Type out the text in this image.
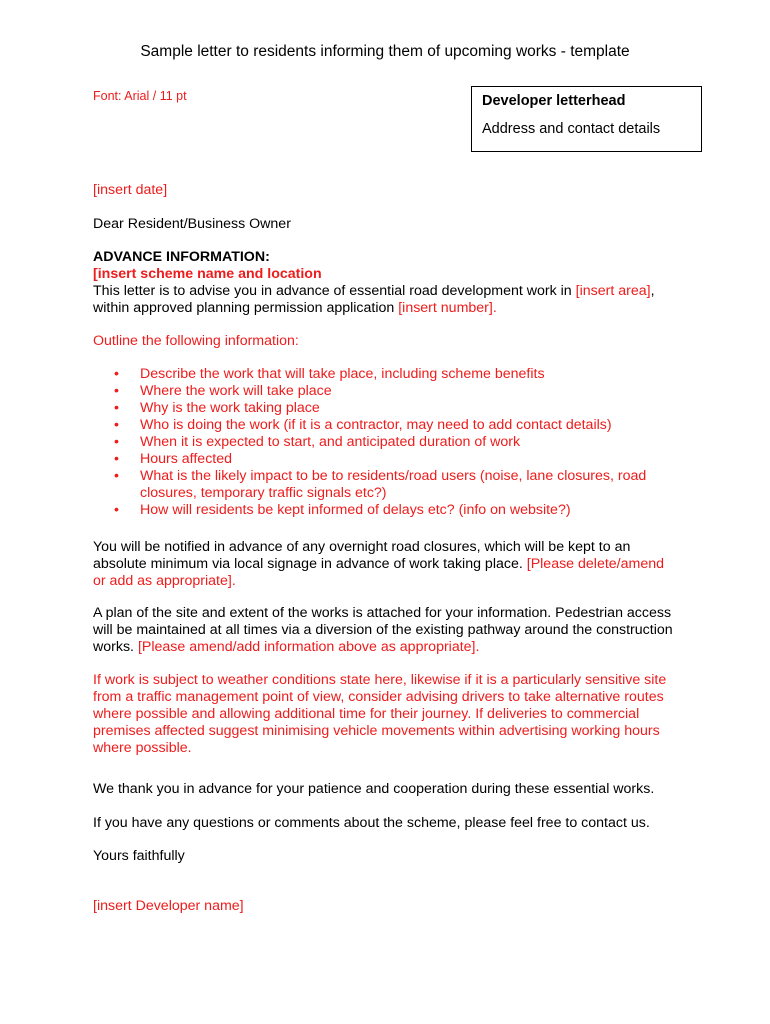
Sample letter to residents informing them of upcoming works - template
Font: Arial / 11 pt	Developer letterhead
Address and contact details

[insert date]

Dear Resident/Business Owner

ADVANCE INFORMATION:
[insert scheme name and location
This letter is to advise you in advance of essential road development work in [insert area], within approved planning permission application [insert number].

Outline the following information:

• Describe the work that will take place, including scheme benefits
• Where the work will take place
• Why is the work taking place
• Who is doing the work (if it is a contractor, may need to add contact details)
• When it is expected to start, and anticipated duration of work
• Hours affected
• What is the likely impact to be to residents/road users (noise, lane closures, road closures, temporary traffic signals etc?)
• How will residents be kept informed of delays etc? (info on website?)

You will be notified in advance of any overnight road closures, which will be kept to an absolute minimum via local signage in advance of work taking place. [Please delete/amend or add as appropriate].

A plan of the site and extent of the works is attached for your information. Pedestrian access will be maintained at all times via a diversion of the existing pathway around the construction works. [Please amend/add information above as appropriate].

If work is subject to weather conditions state here, likewise if it is a particularly sensitive site from a traffic management point of view, consider advising drivers to take alternative routes where possible and allowing additional time for their journey. If deliveries to commercial premises affected suggest minimising vehicle movements within advertising working hours where possible.

We thank you in advance for your patience and cooperation during these essential works.

If you have any questions or comments about the scheme, please feel free to contact us.

Yours faithfully

[insert Developer name]
